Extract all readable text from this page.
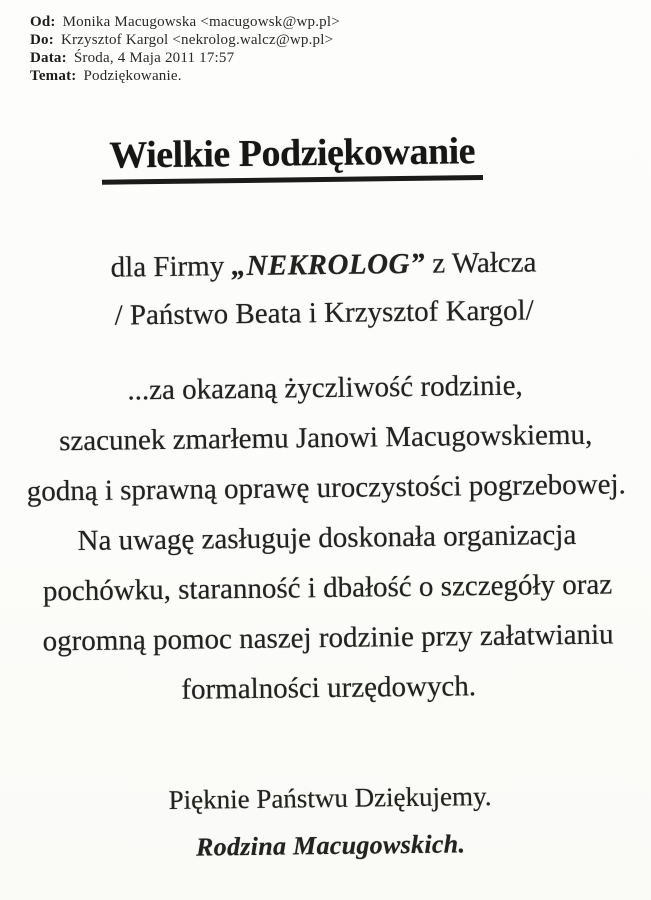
Od: Monika Macugowska <macugowsk@wp.pl>
Do: Krzysztof Kargol <nekrolog.walcz@wp.pl>
Data: Środa, 4 Maja 2011 17:57
Temat: Podziękowanie.
Wielkie Podziękowanie
dla Firmy „NEKROLOG” z Wałcza
/ Państwo Beata i Krzysztof Kargol/
...za okazaną życzliwość rodzinie,
szacunek zmarłemu Janowi Macugowskiemu,
godną i sprawną oprawę uroczystości pogrzebowej.
Na uwagę zasługuje doskonała organizacja
pochówku, staranność i dbałość o szczegóły oraz
ogromną pomoc naszej rodzinie przy załatwianiu
formalności urzędowych.
Pięknie Państwu Dziękujemy.
Rodzina Macugowskich.
